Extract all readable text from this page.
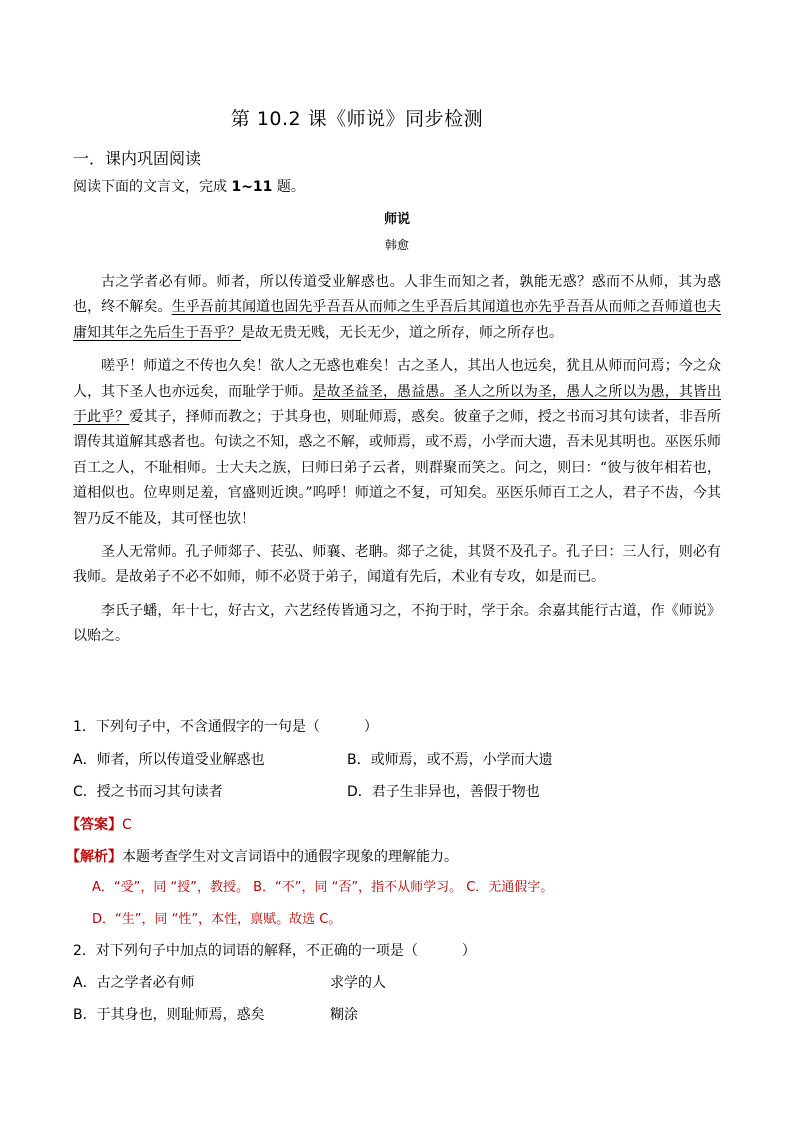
第 10.2 课《师说》同步检测
一．课内巩固阅读
阅读下面的文言文，完成 1~11 题。
师说
韩愈

古之学者必有师。师者，所以传道受业解惑也。人非生而知之者，孰能无惑？惑而不从师，其为惑也，终不解矣。生乎吾前其闻道也固先乎吾吾从而师之生乎吾后其闻道也亦先乎吾吾从而师之吾师道也夫庸知其年之先后生于吾乎？是故无贵无贱，无长无少，道之所存，师之所存也。

嗟乎！师道之不传也久矣！欲人之无惑也难矣！古之圣人，其出人也远矣，犹且从师而问焉；今之众人，其下圣人也亦远矣，而耻学于师。是故圣益圣，愚益愚。圣人之所以为圣，愚人之所以为愚，其皆出于此乎？爱其子，择师而教之；于其身也，则耻师焉，惑矣。彼童子之师，授之书而习其句读者，非吾所谓传其道解其惑者也。句读之不知，惑之不解，或师焉，或不焉，小学而大遗，吾未见其明也。巫医乐师百工之人，不耻相师。士大夫之族，曰师曰弟子云者，则群聚而笑之。问之，则曰：“彼与彼年相若也，道相似也。位卑则足羞，官盛则近谀。”呜呼！师道之不复，可知矣。巫医乐师百工之人，君子不齿，今其智乃反不能及，其可怪也欤！

圣人无常师。孔子师郯子、苌弘、师襄、老聃。郯子之徒，其贤不及孔子。孔子曰：三人行，则必有我师。是故弟子不必不如师，师不必贤于弟子，闻道有先后，术业有专攻，如是而已。

李氏子蟠，年十七，好古文，六艺经传皆通习之，不拘于时，学于余。余嘉其能行古道，作《师说》以贻之。

1．下列句子中，不含通假字的一句是（	）
A．师者，所以传道受业解惑也	B．或师焉，或不焉，小学而大遗
C．授之书而习其句读者	D．君子生非异也，善假于物也
【答案】C
【解析】本题考查学生对文言词语中的通假字现象的理解能力。
A．“受”，同 “授”，教授。 B．“不”，同 “否”，指不从师学习。 C．无通假字。
D．“生”，同 “性”，本性，禀赋。故选 C。
2．对下列句子中加点的词语的解释，不正确的一项是（	）
A．古之学者必有师	求学的人
B．于其身也，则耻师焉，惑矣	糊涂
